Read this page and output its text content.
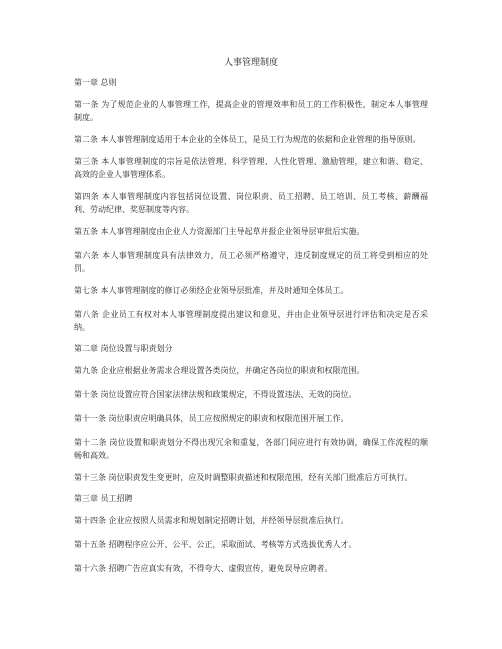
人事管理制度
第一章 总则
第一条 为了规范企业的人事管理工作，提高企业的管理效率和员工的工作积极性，制定本人事管理制度。
第二条 本人事管理制度适用于本企业的全体员工，是员工行为规范的依据和企业管理的指导原则。
第三条 本人事管理制度的宗旨是依法管理、科学管理、人性化管理、激励管理，建立和谐、稳定、高效的企业人事管理体系。
第四条 本人事管理制度内容包括岗位设置、岗位职责、员工招聘、员工培训、员工考核、薪酬福利、劳动纪律、奖惩制度等内容。
第五条 本人事管理制度由企业人力资源部门主导起草并报企业领导层审批后实施。
第六条 本人事管理制度具有法律效力，员工必须严格遵守，违反制度规定的员工将受到相应的处罚。
第七条 本人事管理制度的修订必须经企业领导层批准，并及时通知全体员工。
第八条 企业员工有权对本人事管理制度提出建议和意见，并由企业领导层进行评估和决定是否采纳。
第二章 岗位设置与职责划分
第九条 企业应根据业务需求合理设置各类岗位，并确定各岗位的职责和权限范围。
第十条 岗位设置应符合国家法律法规和政策规定，不得设置违法、无效的岗位。
第十一条 岗位职责应明确具体，员工应按照规定的职责和权限范围开展工作。
第十二条 岗位设置和职责划分不得出现冗余和重复，各部门间应进行有效协调，确保工作流程的顺畅和高效。
第十三条 岗位职责发生变更时，应及时调整职责描述和权限范围，经有关部门批准后方可执行。
第三章 员工招聘
第十四条 企业应按照人员需求和规划制定招聘计划，并经领导层批准后执行。
第十五条 招聘程序应公开、公平、公正，采取面试、考核等方式选拔优秀人才。
第十六条 招聘广告应真实有效，不得夸大、虚假宣传，避免误导应聘者。
